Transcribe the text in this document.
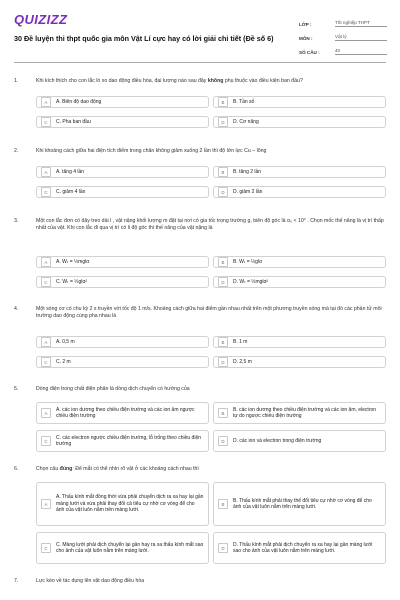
QUIZIZZ
30 Đề luyện thi thpt quốc gia môn Vật Lí cực hay có lời giải chi tiết (Đề số 6)
LỚP :	Tốt nghiệp THPT
MÔN :	Vật lý
SỐ CÂU :	40
1.	Khi kích thích cho con lắc lò xo dao động điều hòa, đại lượng nào sau đây không phụ thuộc vào điều kiện ban đầu?
A	A. Biên độ dao động	B	B. Tần số
C	C. Pha ban đầu	D	D. Cơ năng
2.	Khi khoảng cách giữa hai điện tích điểm trong chân không giảm xuống 2 lần thì độ lớn lực Cu – lông
A	A. tăng 4 lần	B	B. tăng 2 lần
C	C. giảm 4 lần	D	D. giảm 2 lần
3.	Một con lắc đơn có dây treo dài l , vật nặng khối lượng m đặt tại nơi có gia tốc trọng trường g, biên độ góc là α₀ < 10° . Chọn mốc thế năng là vị trí thấp nhất của vật. Khi con lắc đi qua vị trí có li độ góc thì thế năng của vật nặng là
A	A. Wₜ = ½mglα	B	B. Wₜ = ½glα
C	C. Wₜ = ½glα²	D	D. Wₜ = ½mglα²
4.	Một sóng cơ có chu kỳ 2 s truyền với tốc độ 1 m/s. Khoảng cách giữa hai điểm gần nhau nhất trên một phương truyền sóng mà tại đó các phần tử môi trường dao động cùng pha nhau là
A	A. 0,5 m	B	B. 1 m
C	C. 2 m	D	D. 2,5 m
5.	Dòng điện trong chất điện phân là dòng dịch chuyển có hướng của
A
A. các ion dương theo chiều điện trường và các ion âm ngược chiều điện trường	B
B. các ion dương theo chiều điện trường và các ion âm, electron tự do ngược chiều điện trường
C
C. các electron ngược chiều điện trường, lỗ trống theo chiều điện trường	D	D. các ion và electron trong điện trường
6.	Chọn câu đúng: Để mắt có thể nhìn rõ vật ở các khoảng cách nhau thì
A
A. Thấu kính mắt đồng thời vừa phải chuyển dịch ra xa hay lại gần màng lưới và vừa phải thay đổi cả tiêu cự nhờ cơ vòng để cho ảnh của vật luôn nằm trên màng lưới.
B
B. Thấu kính mắt phải thay thế đổi tiêu cự nhờ cơ vòng để cho ảnh của vật luôn nằm trên màng lưới.
C
C. Màng lưới phải dịch chuyển lại gần hay ra xa thấu kính mắt sao cho ảnh của vật luôn nằm trên màng lưới.	D
D. Thấu kính mắt phải dịch chuyển ra xa hay lại gần màng lưới sao cho ảnh của vật luôn nằm trên màng lưới.
7.	Lực kéo về tác dụng lên vật dao động điều hòa
